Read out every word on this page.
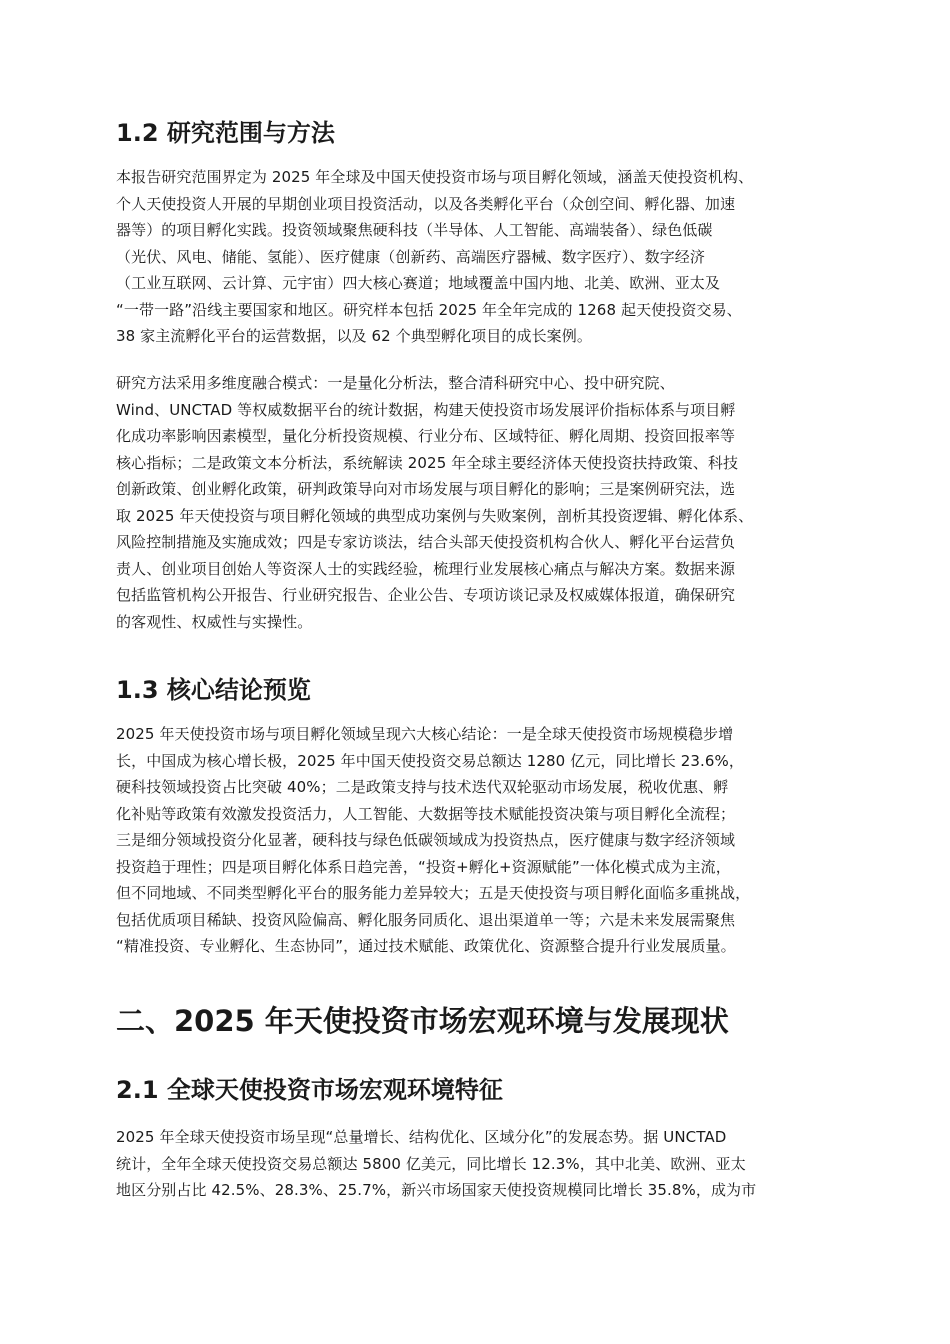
1.2 研究范围与方法
本报告研究范围界定为 2025 年全球及中国天使投资市场与项目孵化领域，涵盖天使投资机构、
个人天使投资人开展的早期创业项目投资活动，以及各类孵化平台（众创空间、孵化器、加速
器等）的项目孵化实践。投资领域聚焦硬科技（半导体、人工智能、高端装备）、绿色低碳
（光伏、风电、储能、氢能）、医疗健康（创新药、高端医疗器械、数字医疗）、数字经济
（工业互联网、云计算、元宇宙）四大核心赛道；地域覆盖中国内地、北美、欧洲、亚太及
“一带一路”沿线主要国家和地区。研究样本包括 2025 年全年完成的 1268 起天使投资交易、
38 家主流孵化平台的运营数据，以及 62 个典型孵化项目的成长案例。
研究方法采用多维度融合模式：一是量化分析法，整合清科研究中心、投中研究院、
Wind、UNCTAD 等权威数据平台的统计数据，构建天使投资市场发展评价指标体系与项目孵
化成功率影响因素模型，量化分析投资规模、行业分布、区域特征、孵化周期、投资回报率等
核心指标；二是政策文本分析法，系统解读 2025 年全球主要经济体天使投资扶持政策、科技
创新政策、创业孵化政策，研判政策导向对市场发展与项目孵化的影响；三是案例研究法，选
取 2025 年天使投资与项目孵化领域的典型成功案例与失败案例，剖析其投资逻辑、孵化体系、
风险控制措施及实施成效；四是专家访谈法，结合头部天使投资机构合伙人、孵化平台运营负
责人、创业项目创始人等资深人士的实践经验，梳理行业发展核心痛点与解决方案。数据来源
包括监管机构公开报告、行业研究报告、企业公告、专项访谈记录及权威媒体报道，确保研究
的客观性、权威性与实操性。
1.3 核心结论预览
2025 年天使投资市场与项目孵化领域呈现六大核心结论：一是全球天使投资市场规模稳步增
长，中国成为核心增长极，2025 年中国天使投资交易总额达 1280 亿元，同比增长 23.6%，
硬科技领域投资占比突破 40%；二是政策支持与技术迭代双轮驱动市场发展，税收优惠、孵
化补贴等政策有效激发投资活力，人工智能、大数据等技术赋能投资决策与项目孵化全流程；
三是细分领域投资分化显著，硬科技与绿色低碳领域成为投资热点，医疗健康与数字经济领域
投资趋于理性；四是项目孵化体系日趋完善，“投资+孵化+资源赋能”一体化模式成为主流，
但不同地域、不同类型孵化平台的服务能力差异较大；五是天使投资与项目孵化面临多重挑战，
包括优质项目稀缺、投资风险偏高、孵化服务同质化、退出渠道单一等；六是未来发展需聚焦
“精准投资、专业孵化、生态协同”，通过技术赋能、政策优化、资源整合提升行业发展质量。
二、2025 年天使投资市场宏观环境与发展现状
2.1 全球天使投资市场宏观环境特征
2025 年全球天使投资市场呈现“总量增长、结构优化、区域分化”的发展态势。据 UNCTAD
统计，全年全球天使投资交易总额达 5800 亿美元，同比增长 12.3%，其中北美、欧洲、亚太
地区分别占比 42.5%、28.3%、25.7%，新兴市场国家天使投资规模同比增长 35.8%，成为市
